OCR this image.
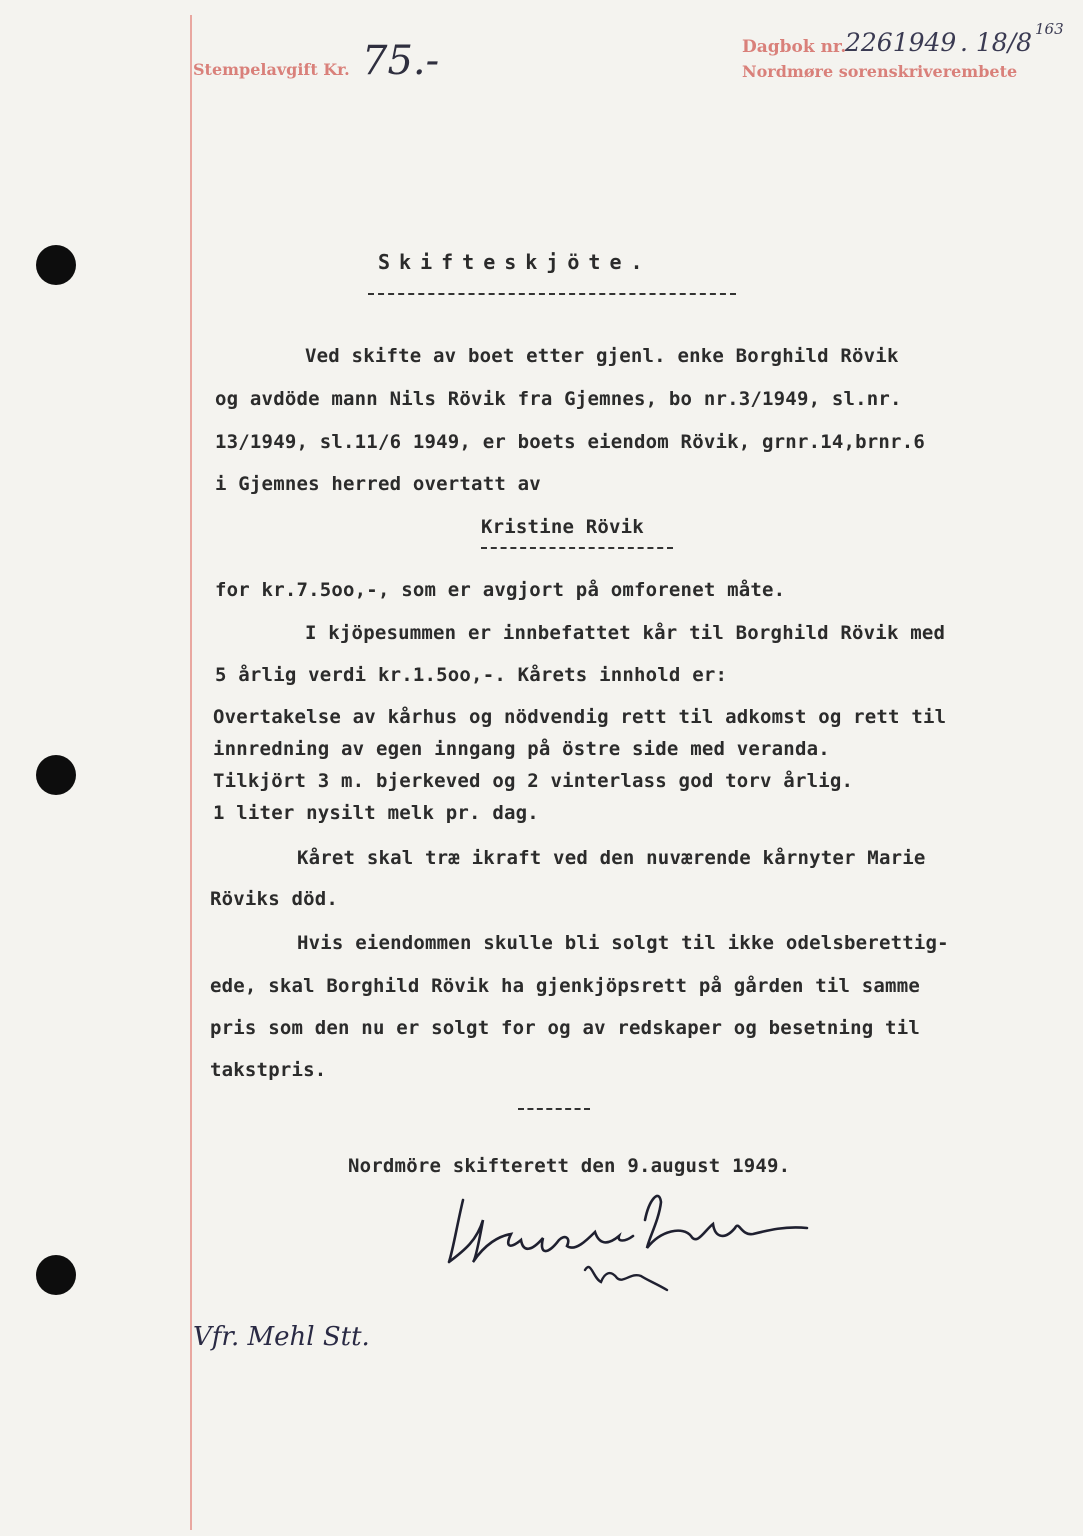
Stempelavgift Kr. 75.-	Dagbok nr.
2261949 . 18/8 163
Nordmøre sorenskriverembete
Skifteskjöte.
Ved skifte av boet etter gjenl. enke Borghild Rövik
og avdöde mann Nils Rövik fra Gjemnes, bo nr.3/1949, sl.nr.
13/1949, sl.11/6 1949, er boets eiendom Rövik, grnr.14,brnr.6
i Gjemnes herred overtatt av
Kristine Rövik
for kr.7.5oo,-, som er avgjort på omforenet måte.
I kjöpesummen er innbefattet kår til Borghild Rövik med
5 årlig verdi kr.1.5oo,-. Kårets innhold er:
Overtakelse av kårhus og nödvendig rett til adkomst og rett til
innredning av egen inngang på östre side med veranda.
Tilkjört 3 m. bjerkeved og 2 vinterlass god torv årlig.
1 liter nysilt melk pr. dag.
Kåret skal træ ikraft ved den nuværende kårnyter Marie
Röviks död.
Hvis eiendommen skulle bli solgt til ikke odelsberettig-
ede, skal Borghild Rövik ha gjenkjöpsrett på gården til samme
pris som den nu er solgt for og av redskaper og besetning til
takstpris.
Nordmöre skifterett den 9.august 1949.
Vfr. Mehl Stt.
